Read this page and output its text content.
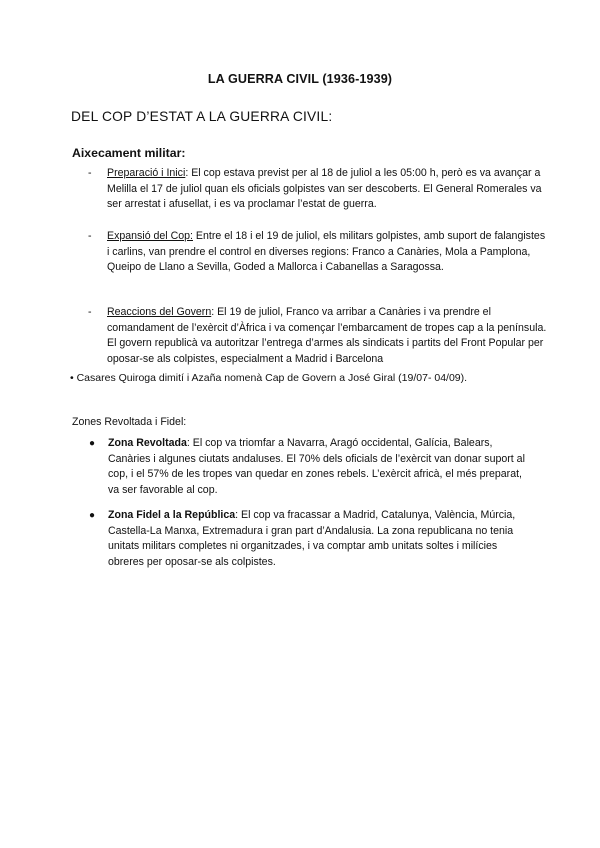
LA GUERRA CIVIL (1936-1939)
DEL COP D’ESTAT A LA GUERRA CIVIL:
Aixecament militar:
-	Preparació i Inici: El cop estava previst per al 18 de juliol a les 05:00 h, però es va avançar a Melilla el 17 de juliol quan els oficials golpistes van ser descoberts. El General Romerales va ser arrestat i afusellat, i es va proclamar l’estat de guerra.
-	Expansió del Cop: Entre el 18 i el 19 de juliol, els militars golpistes, amb suport de falangistes i carlins, van prendre el control en diverses regions: Franco a Canàries, Mola a Pamplona, Queipo de Llano a Sevilla, Goded a Mallorca i Cabanellas a Saragossa.
-	Reaccions del Govern: El 19 de juliol, Franco va arribar a Canàries i va prendre el comandament de l’exèrcit d’Àfrica i va començar l’embarcament de tropes cap a la península. El govern republicà va autoritzar l’entrega d’armes als sindicats i partits del Front Popular per oposar-se als colpistes, especialment a Madrid i Barcelona
• Casares Quiroga dimití i Azaña nomenà Cap de Govern a José Giral (19/07- 04/09).
Zones Revoltada i Fidel:
● Zona Revoltada: El cop va triomfar a Navarra, Aragó occidental, Galícia, Balears, Canàries i algunes ciutats andaluses. El 70% dels oficials de l’exèrcit van donar suport al cop, i el 57% de les tropes van quedar en zones rebels. L’exèrcit africà, el més preparat, va ser favorable al cop.
● Zona Fidel a la República: El cop va fracassar a Madrid, Catalunya, València, Múrcia, Castella-La Manxa, Extremadura i gran part d’Andalusia. La zona republicana no tenia unitats militars completes ni organitzades, i va comptar amb unitats soltes i milícies obreres per oposar-se als colpistes.
